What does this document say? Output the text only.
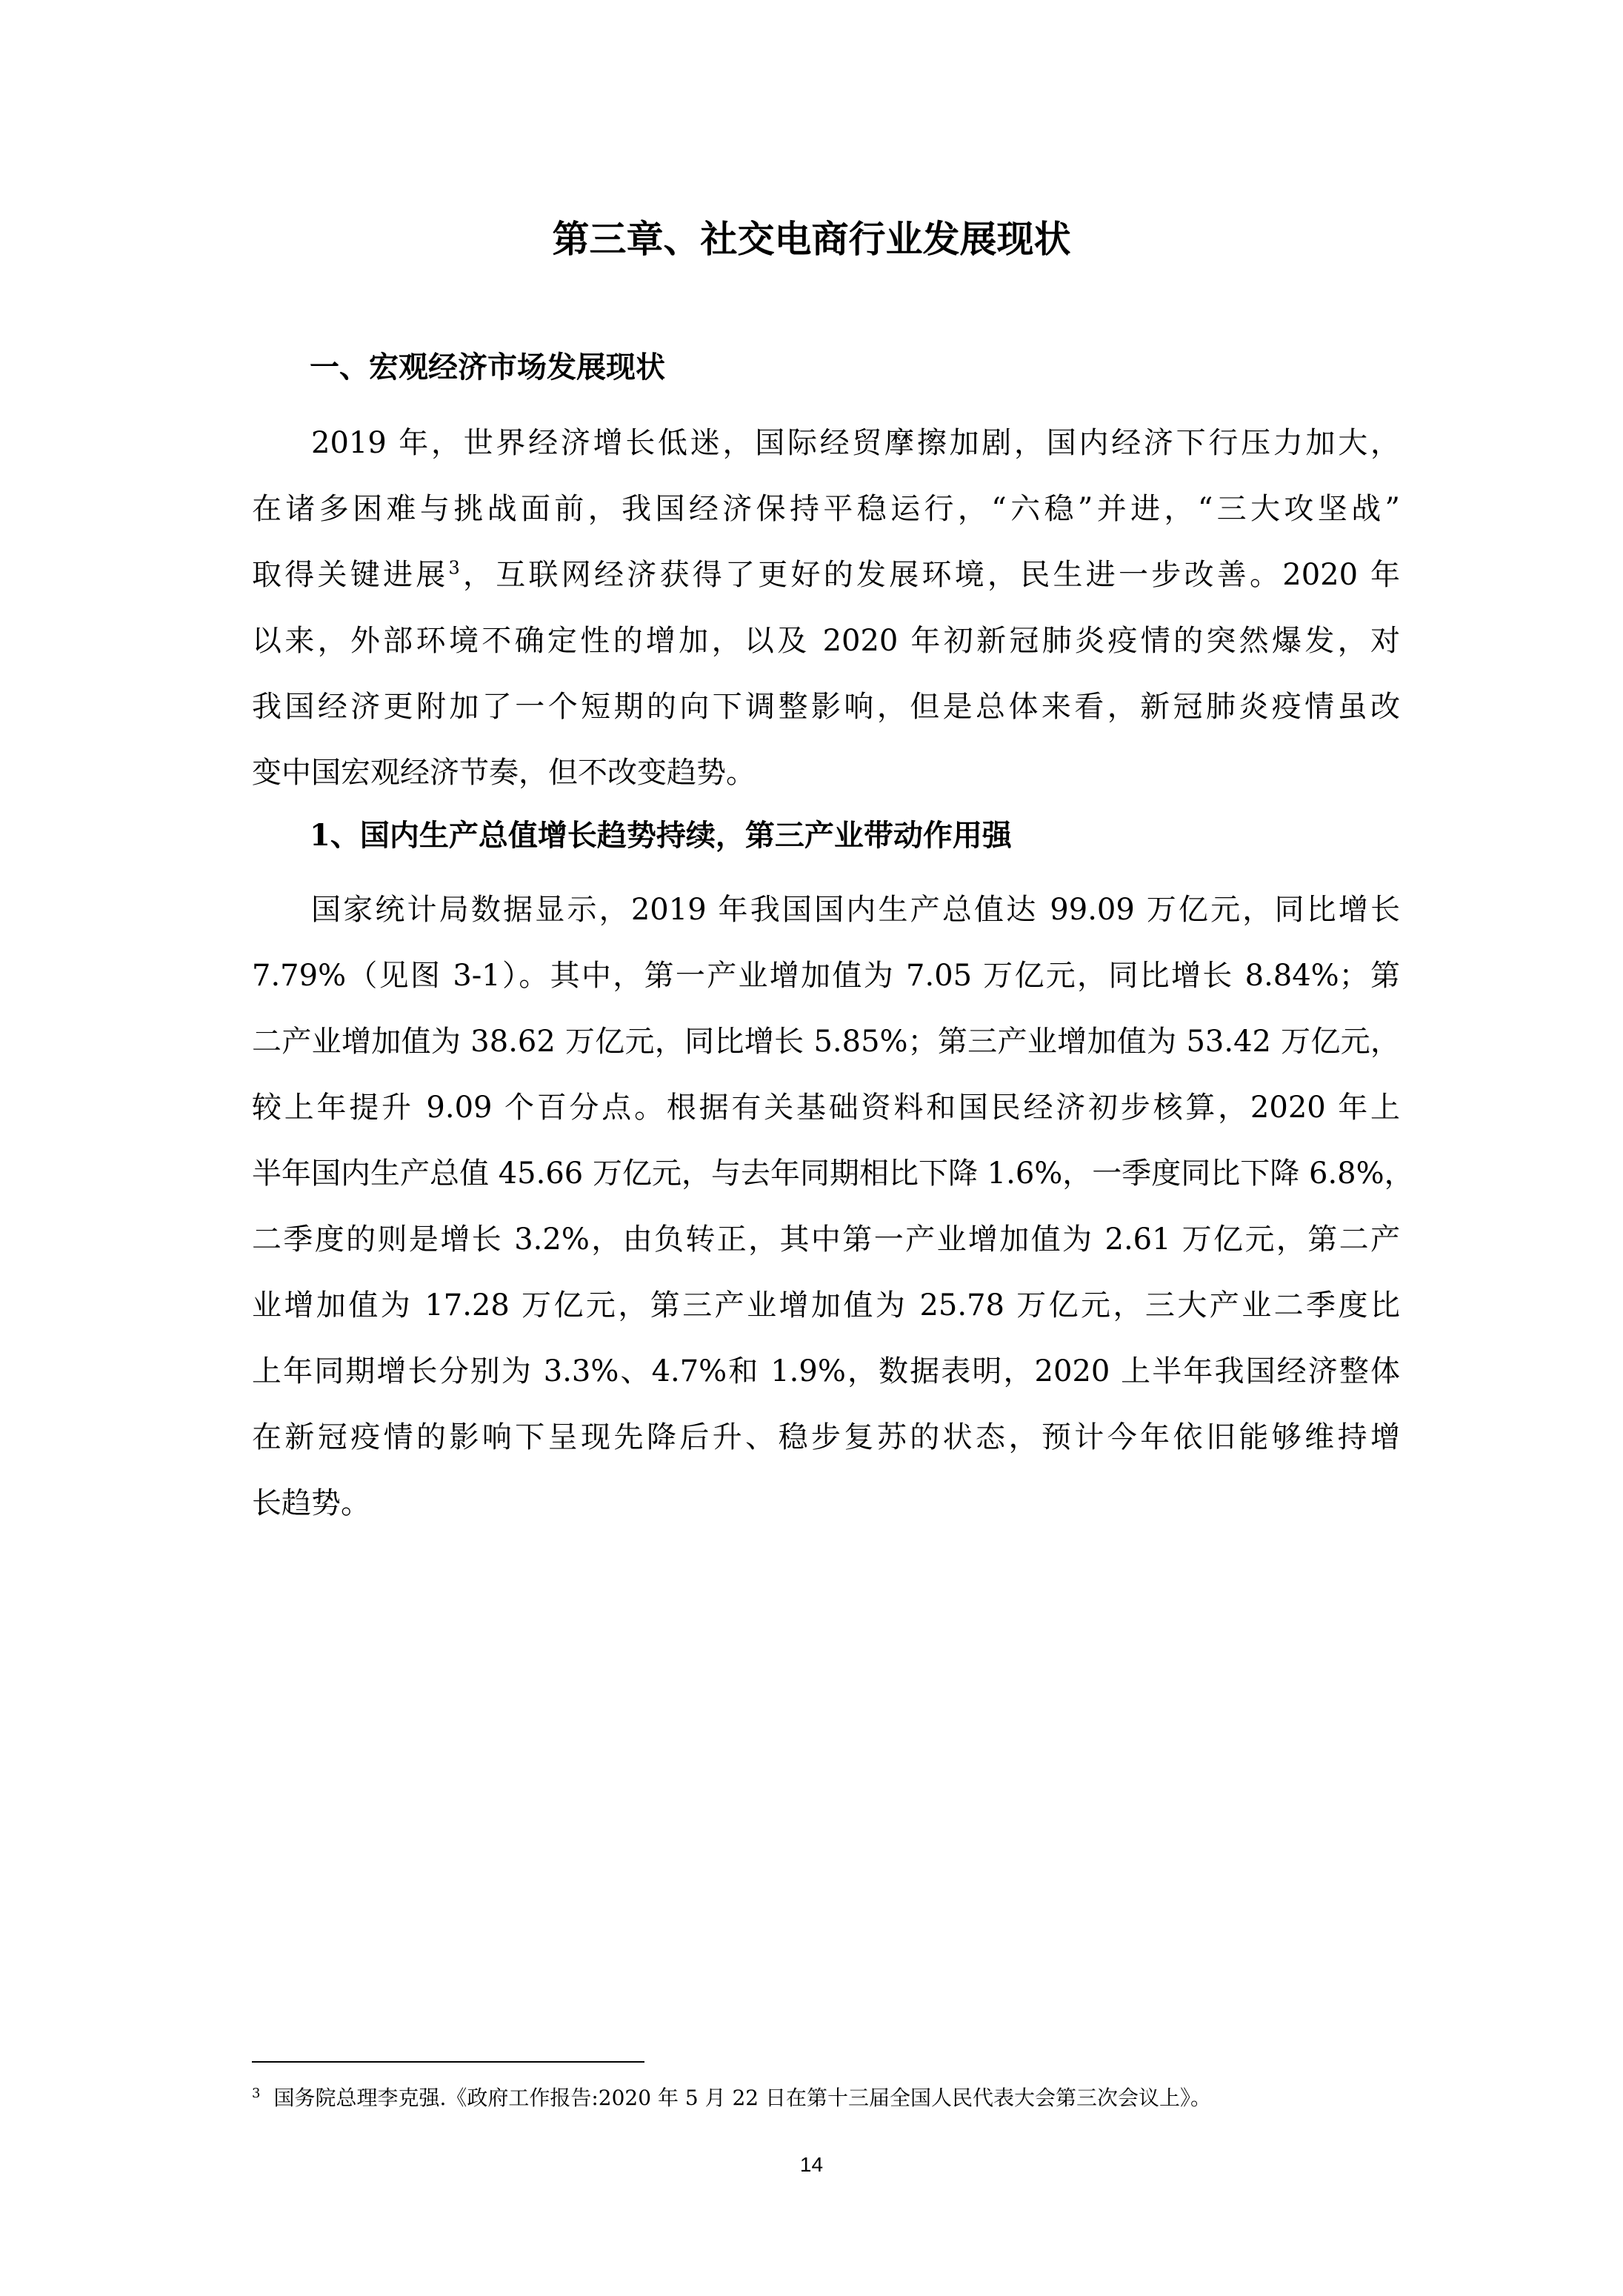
第三章、社交电商行业发展现状
一、宏观经济市场发展现状
2019 年，世界经济增长低迷，国际经贸摩擦加剧，国内经济下行压力加大，
在诸多困难与挑战面前，我国经济保持平稳运行，“六稳”并进，“三大攻坚战”
取得关键进展$^3$，互联网经济获得了更好的发展环境，民生进一步改善。2020 年
以来，外部环境不确定性的增加，以及 2020 年初新冠肺炎疫情的突然爆发，对
我国经济更附加了一个短期的向下调整影响，但是总体来看，新冠肺炎疫情虽改
变中国宏观经济节奏，但不改变趋势。
1、国内生产总值增长趋势持续，第三产业带动作用强
国家统计局数据显示，2019 年我国国内生产总值达 99.09 万亿元，同比增长
7.79%（见图 3-1）。其中，第一产业增加值为 7.05 万亿元，同比增长 8.84%；第
二产业增加值为 38.62 万亿元，同比增长 5.85%；第三产业增加值为 53.42 万亿元，
较上年提升 9.09 个百分点。根据有关基础资料和国民经济初步核算，2020 年上
半年国内生产总值 45.66 万亿元，与去年同期相比下降 1.6%，一季度同比下降 6.8%，
二季度的则是增长 3.2%，由负转正，其中第一产业增加值为 2.61 万亿元，第二产
业增加值为 17.28 万亿元，第三产业增加值为 25.78 万亿元，三大产业二季度比
上年同期增长分别为 3.3%、4.7%和 1.9%，数据表明，2020 上半年我国经济整体
在新冠疫情的影响下呈现先降后升、稳步复苏的状态，预计今年依旧能够维持增
长趋势。

$^3$ 国务院总理李克强.《政府工作报告:2020 年 5 月 22 日在第十三届全国人民代表大会第三次会议上》。

14
